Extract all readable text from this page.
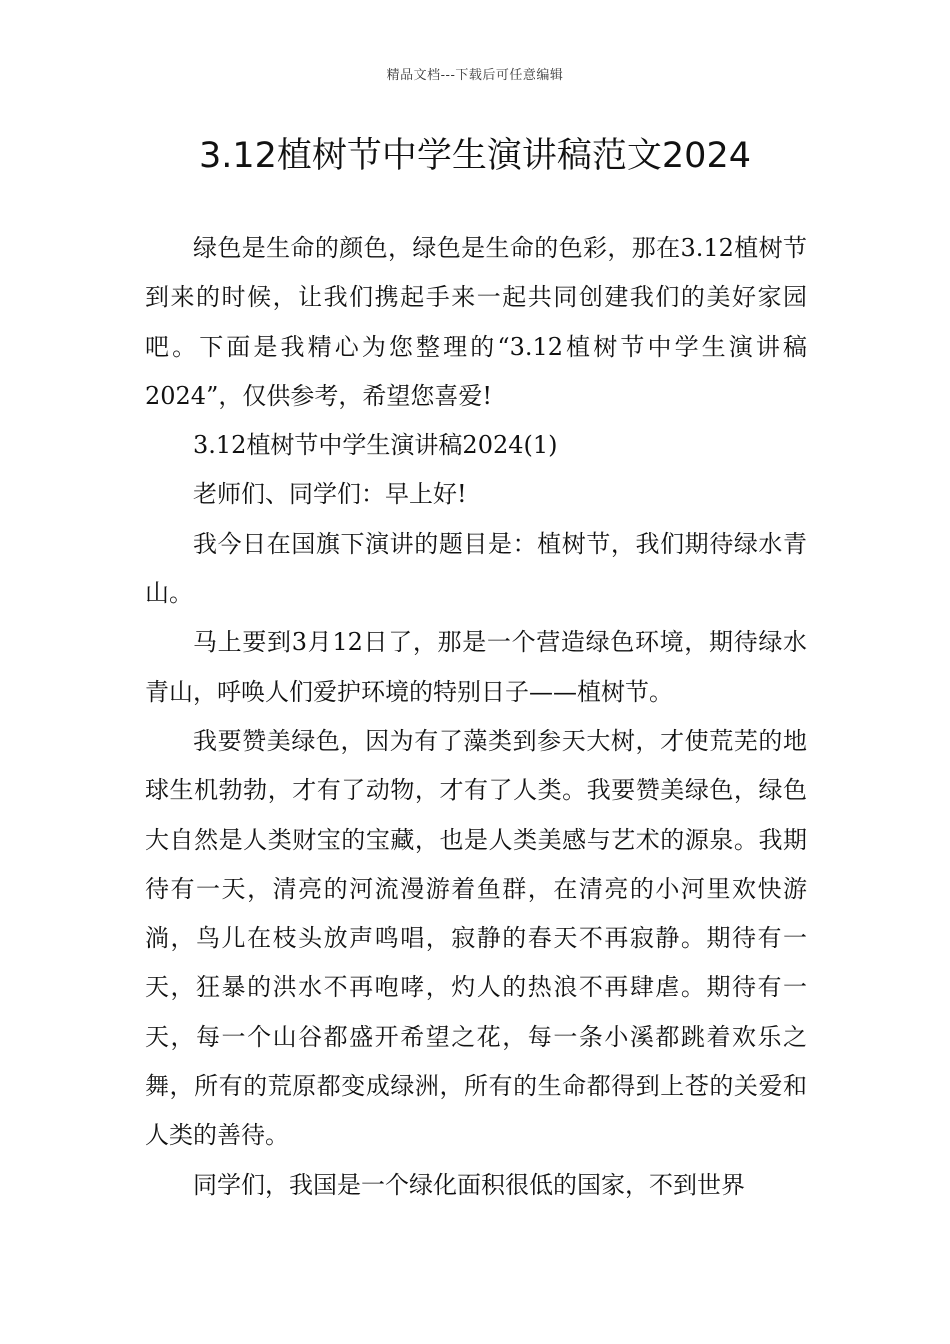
精品文档---下载后可任意编辑
3.12植树节中学生演讲稿范文2024

绿色是生命的颜色，绿色是生命的色彩，那在3.12植树节到来的时候，让我们携起手来一起共同创建我们的美好家园吧。下面是我精心为您整理的“3.12植树节中学生演讲稿2024”，仅供参考，希望您喜爱!

3.12植树节中学生演讲稿2024(1)

老师们、同学们：早上好!

我今日在国旗下演讲的题目是：植树节，我们期待绿水青山。

马上要到3月12日了，那是一个营造绿色环境，期待绿水青山，呼唤人们爱护环境的特别日子——植树节。

我要赞美绿色，因为有了藻类到参天大树，才使荒芜的地球生机勃勃，才有了动物，才有了人类。我要赞美绿色，绿色大自然是人类财宝的宝藏，也是人类美感与艺术的源泉。我期待有一天，清亮的河流漫游着鱼群，在清亮的小河里欢快游淌，鸟儿在枝头放声鸣唱，寂静的春天不再寂静。期待有一天，狂暴的洪水不再咆哮，灼人的热浪不再肆虐。期待有一天，每一个山谷都盛开希望之花，每一条小溪都跳着欢乐之舞，所有的荒原都变成绿洲，所有的生命都得到上苍的关爱和人类的善待。

同学们，我国是一个绿化面积很低的国家，不到世界
